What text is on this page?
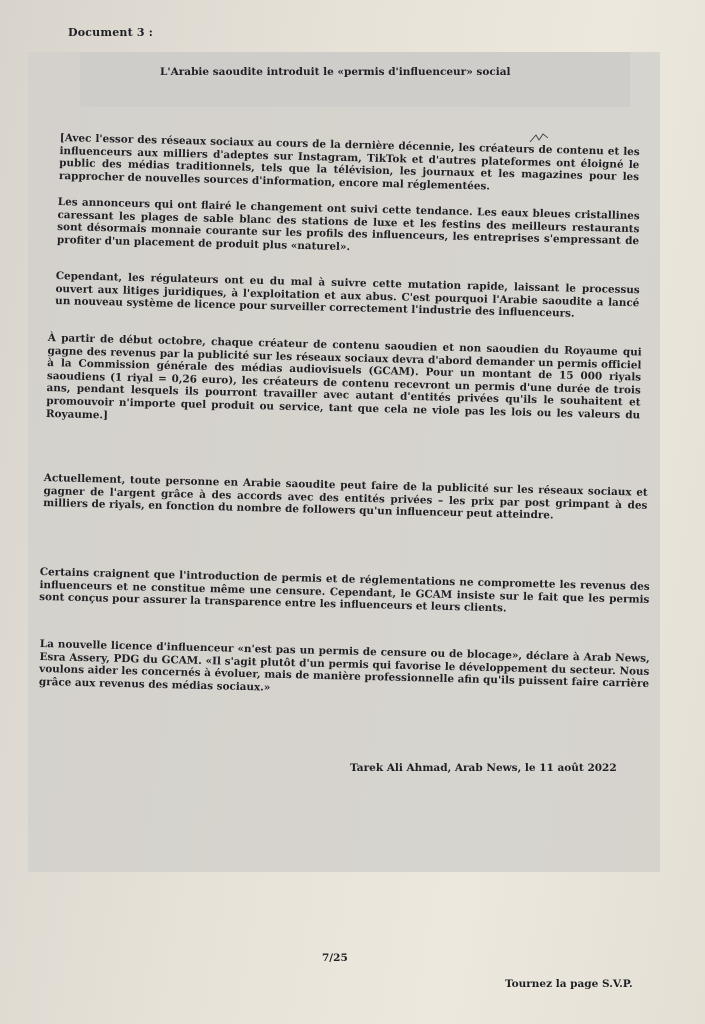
Document 3 :
L'Arabie saoudite introduit le «permis d'influenceur» social

[Avec l'essor des réseaux sociaux au cours de la dernière décennie, les créateurs de contenu et les influenceurs aux milliers d'adeptes sur Instagram, TikTok et d'autres plateformes ont éloigné le public des médias traditionnels, tels que la télévision, les journaux et les magazines pour les rapprocher de nouvelles sources d'information, encore mal réglementées.

Les annonceurs qui ont flairé le changement ont suivi cette tendance. Les eaux bleues cristallines caressant les plages de sable blanc des stations de luxe et les festins des meilleurs restaurants sont désormais monnaie courante sur les profils des influenceurs, les entreprises s'empressant de profiter d'un placement de produit plus «naturel».

Cependant, les régulateurs ont eu du mal à suivre cette mutation rapide, laissant le processus ouvert aux litiges juridiques, à l'exploitation et aux abus. C'est pourquoi l'Arabie saoudite a lancé un nouveau système de licence pour surveiller correctement l'industrie des influenceurs.

À partir de début octobre, chaque créateur de contenu saoudien et non saoudien du Royaume qui gagne des revenus par la publicité sur les réseaux sociaux devra d'abord demander un permis officiel à la Commission générale des médias audiovisuels (GCAM). Pour un montant de 15 000 riyals saoudiens (1 riyal = 0,26 euro), les créateurs de contenu recevront un permis d'une durée de trois ans, pendant lesquels ils pourront travailler avec autant d'entités privées qu'ils le souhaitent et promouvoir n'importe quel produit ou service, tant que cela ne viole pas les lois ou les valeurs du Royaume.]

Actuellement, toute personne en Arabie saoudite peut faire de la publicité sur les réseaux sociaux et gagner de l'argent grâce à des accords avec des entités privées – les prix par post grimpant à des milliers de riyals, en fonction du nombre de followers qu'un influenceur peut atteindre.

Certains craignent que l'introduction de permis et de réglementations ne compromette les revenus des influenceurs et ne constitue même une censure. Cependant, le GCAM insiste sur le fait que les permis sont conçus pour assurer la transparence entre les influenceurs et leurs clients.

La nouvelle licence d'influenceur «n'est pas un permis de censure ou de blocage», déclare à Arab News, Esra Assery, PDG du GCAM. «Il s'agit plutôt d'un permis qui favorise le développement du secteur. Nous voulons aider les concernés à évoluer, mais de manière professionnelle afin qu'ils puissent faire carrière grâce aux revenus des médias sociaux.»

Tarek Ali Ahmad, Arab News, le 11 août 2022
7/25
Tournez la page S.V.P.
